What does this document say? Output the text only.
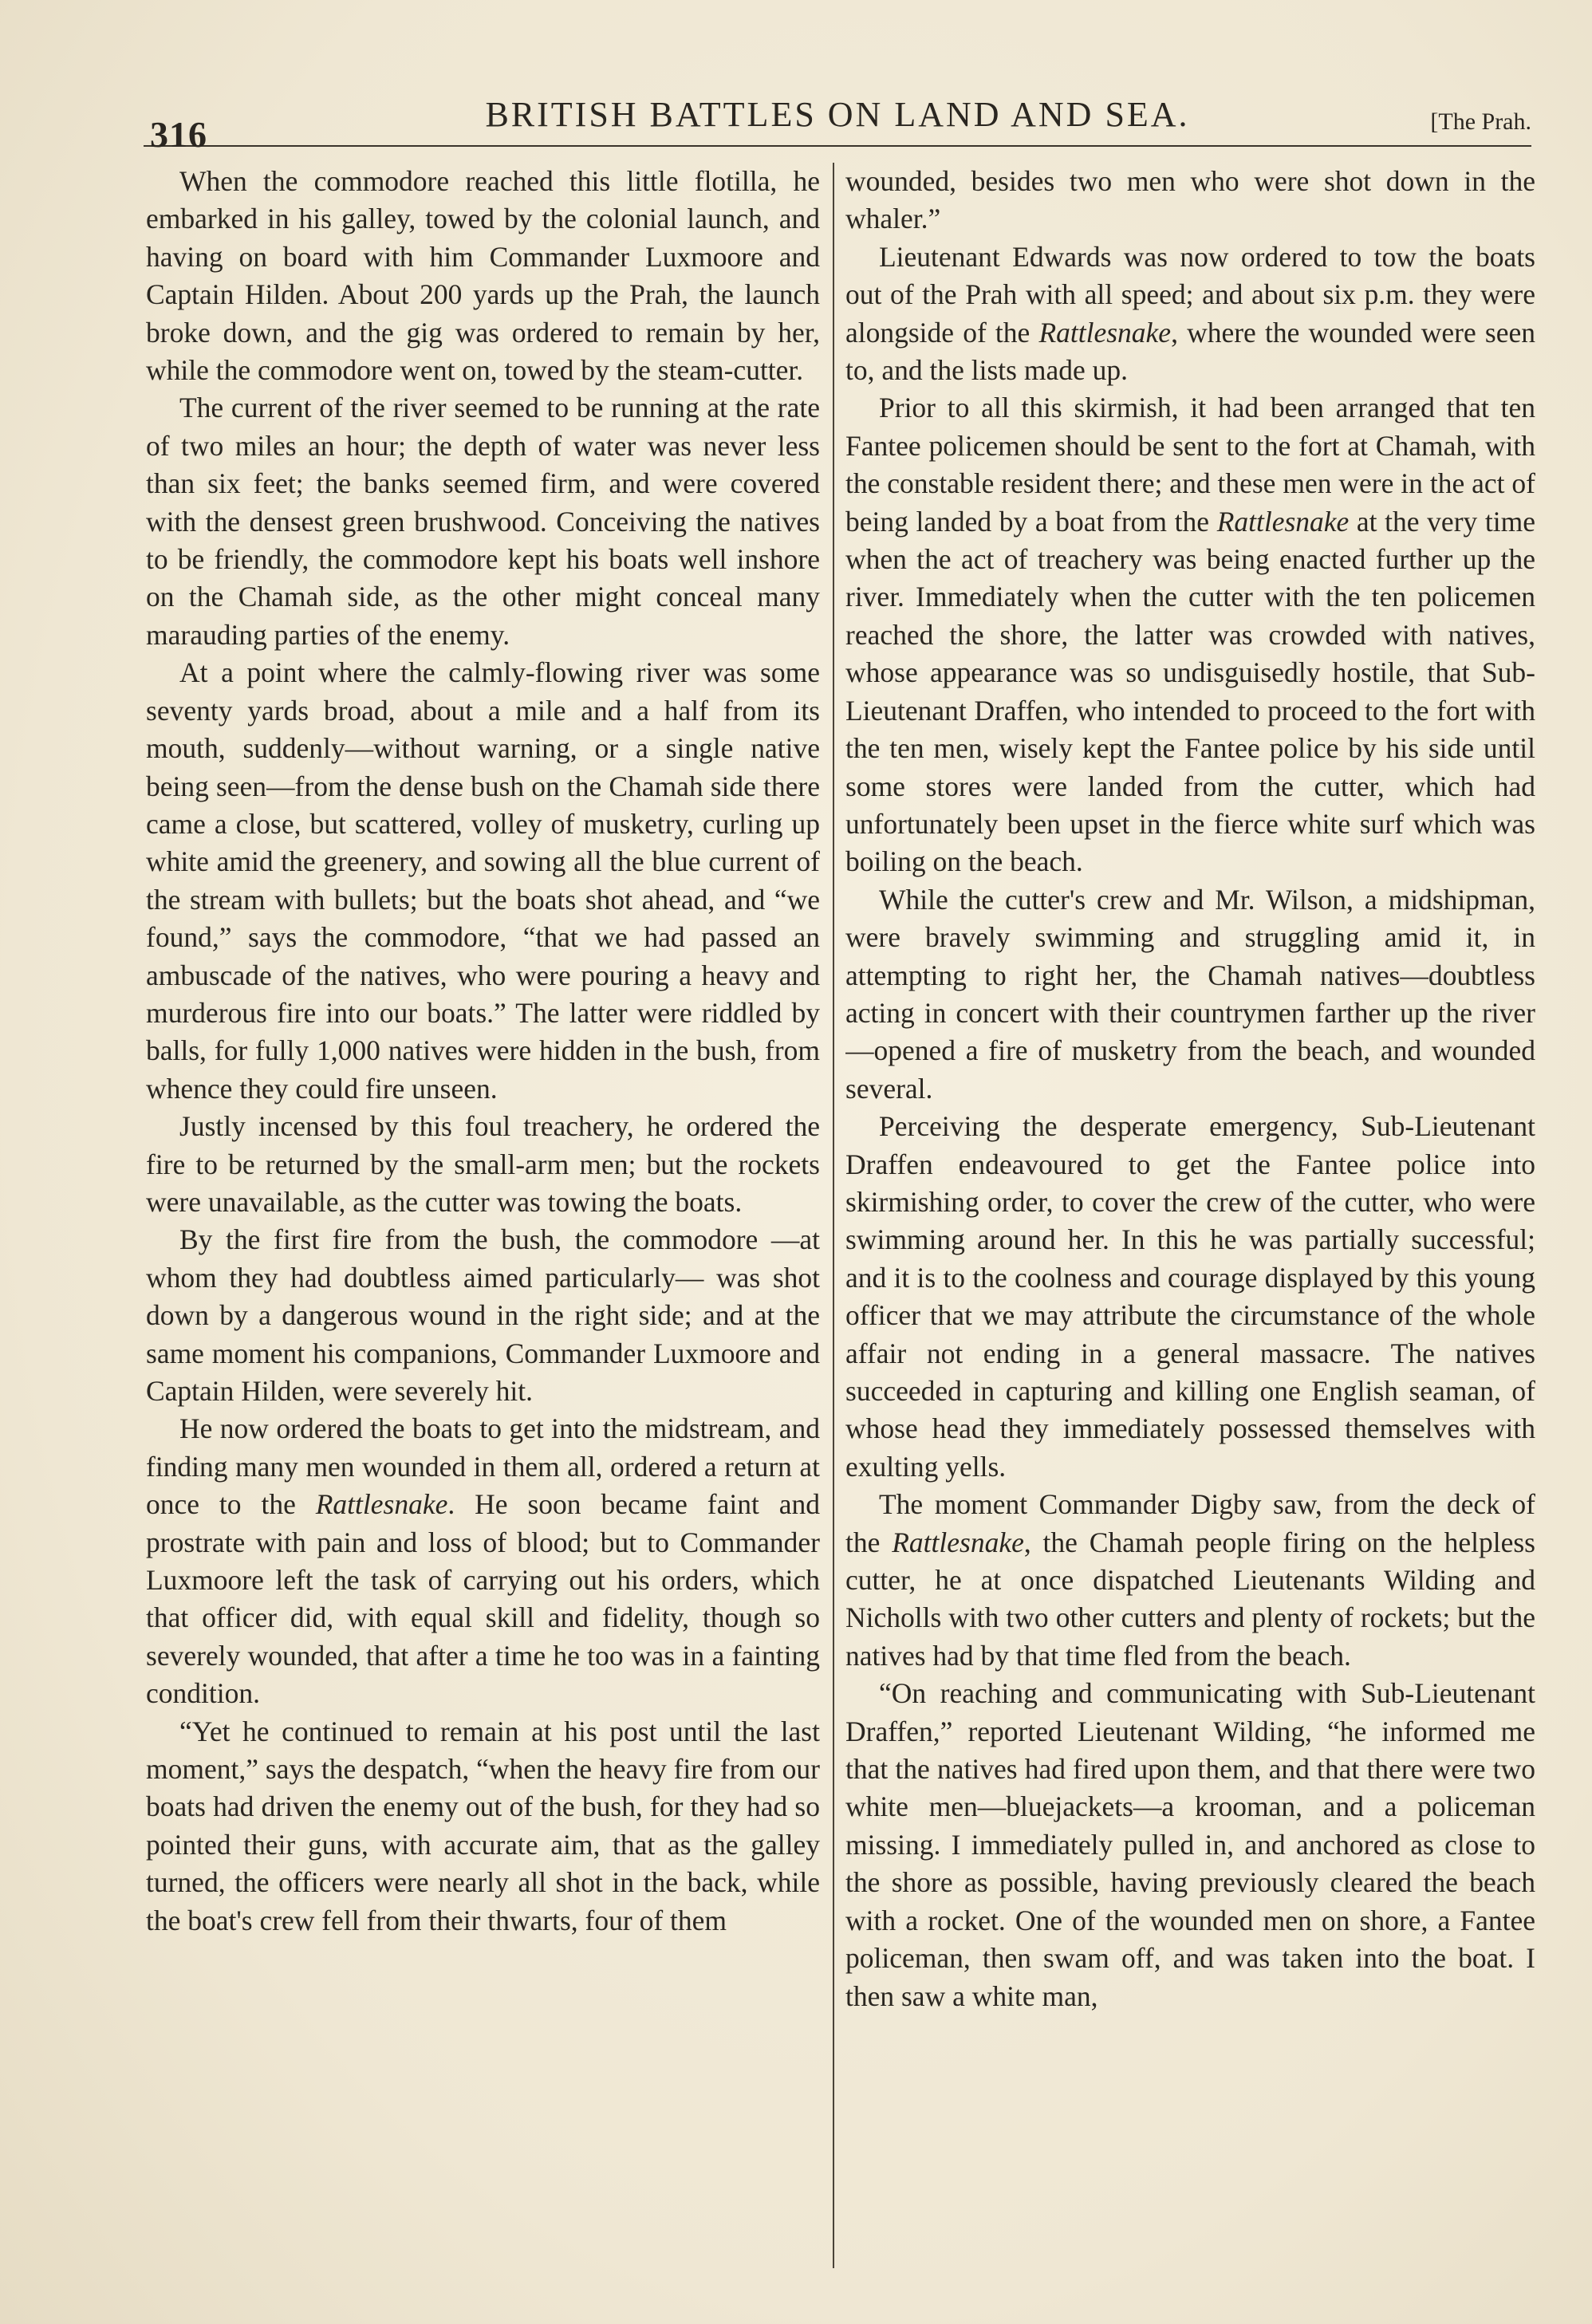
316	BRITISH BATTLES ON LAND AND SEA.	[The Prah.

When the commodore reached this little flotilla, he embarked in his galley, towed by the colonial launch, and having on board with him Commander Luxmoore and Captain Hilden. About 200 yards up the Prah, the launch broke down, and the gig was ordered to remain by her, while the commodore went on, towed by the steam-cutter.

The current of the river seemed to be running at the rate of two miles an hour; the depth of water was never less than six feet; the banks seemed firm, and were covered with the densest green brushwood. Conceiving the natives to be friendly, the commodore kept his boats well inshore on the Chamah side, as the other might conceal many marauding parties of the enemy.

At a point where the calmly-flowing river was some seventy yards broad, about a mile and a half from its mouth, suddenly—without warning, or a single native being seen—from the dense bush on the Chamah side there came a close, but scattered, volley of musketry, curling up white amid the greenery, and sowing all the blue current of the stream with bullets; but the boats shot ahead, and “we found,” says the commodore, “that we had passed an ambuscade of the natives, who were pouring a heavy and murderous fire into our boats.” The latter were riddled by balls, for fully 1,000 natives were hidden in the bush, from whence they could fire unseen.

Justly incensed by this foul treachery, he ordered the fire to be returned by the small-arm men; but the rockets were unavailable, as the cutter was towing the boats.

By the first fire from the bush, the commodore —at whom they had doubtless aimed particularly— was shot down by a dangerous wound in the right side; and at the same moment his companions, Commander Luxmoore and Captain Hilden, were severely hit.

He now ordered the boats to get into the midstream, and finding many men wounded in them all, ordered a return at once to the Rattlesnake. He soon became faint and prostrate with pain and loss of blood; but to Commander Luxmoore left the task of carrying out his orders, which that officer did, with equal skill and fidelity, though so severely wounded, that after a time he too was in a fainting condition.

“Yet he continued to remain at his post until the last moment,” says the despatch, “when the heavy fire from our boats had driven the enemy out of the bush, for they had so pointed their guns, with accurate aim, that as the galley turned, the officers were nearly all shot in the back, while the boat's crew fell from their thwarts, four of them

wounded, besides two men who were shot down in the whaler.”

Lieutenant Edwards was now ordered to tow the boats out of the Prah with all speed; and about six p.m. they were alongside of the Rattlesnake, where the wounded were seen to, and the lists made up.

Prior to all this skirmish, it had been arranged that ten Fantee policemen should be sent to the fort at Chamah, with the constable resident there; and these men were in the act of being landed by a boat from the Rattlesnake at the very time when the act of treachery was being enacted further up the river. Immediately when the cutter with the ten policemen reached the shore, the latter was crowded with natives, whose appearance was so undisguisedly hostile, that Sub-Lieutenant Draffen, who intended to proceed to the fort with the ten men, wisely kept the Fantee police by his side until some stores were landed from the cutter, which had unfortunately been upset in the fierce white surf which was boiling on the beach.

While the cutter's crew and Mr. Wilson, a midshipman, were bravely swimming and struggling amid it, in attempting to right her, the Chamah natives—doubtless acting in concert with their countrymen farther up the river—opened a fire of musketry from the beach, and wounded several.

Perceiving the desperate emergency, Sub-Lieutenant Draffen endeavoured to get the Fantee police into skirmishing order, to cover the crew of the cutter, who were swimming around her. In this he was partially successful; and it is to the coolness and courage displayed by this young officer that we may attribute the circumstance of the whole affair not ending in a general massacre. The natives succeeded in capturing and killing one English seaman, of whose head they immediately possessed themselves with exulting yells.

The moment Commander Digby saw, from the deck of the Rattlesnake, the Chamah people firing on the helpless cutter, he at once dispatched Lieutenants Wilding and Nicholls with two other cutters and plenty of rockets; but the natives had by that time fled from the beach.

“On reaching and communicating with Sub-Lieutenant Draffen,” reported Lieutenant Wilding, “he informed me that the natives had fired upon them, and that there were two white men—bluejackets—a krooman, and a policeman missing. I immediately pulled in, and anchored as close to the shore as possible, having previously cleared the beach with a rocket. One of the wounded men on shore, a Fantee policeman, then swam off, and was taken into the boat. I then saw a white man,
